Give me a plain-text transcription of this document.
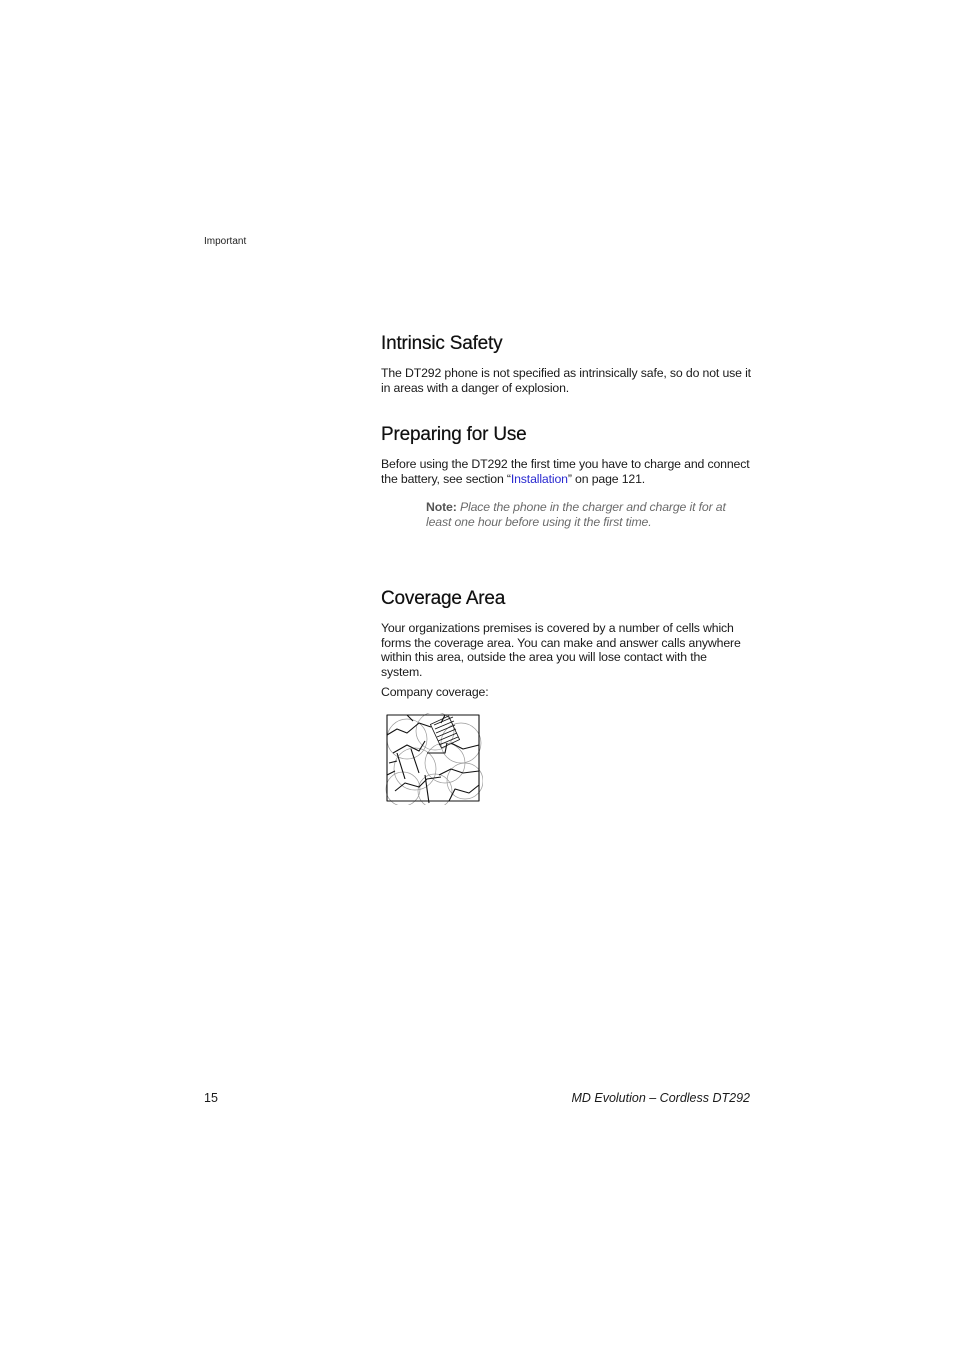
Important
Intrinsic Safety

The DT292 phone is not specified as intrinsically safe, so do not use it in areas with a danger of explosion.

Preparing for Use

Before using the DT292 the first time you have to charge and connect the battery, see section “Installation” on page 121.

Note: Place the phone in the charger and charge it for at least one hour before using it the first time.

Coverage Area

Your organizations premises is covered by a number of cells which forms the coverage area. You can make and answer calls anywhere within this area, outside the area you will lose contact with the system.

Company coverage:

15	MD Evolution – Cordless DT292
